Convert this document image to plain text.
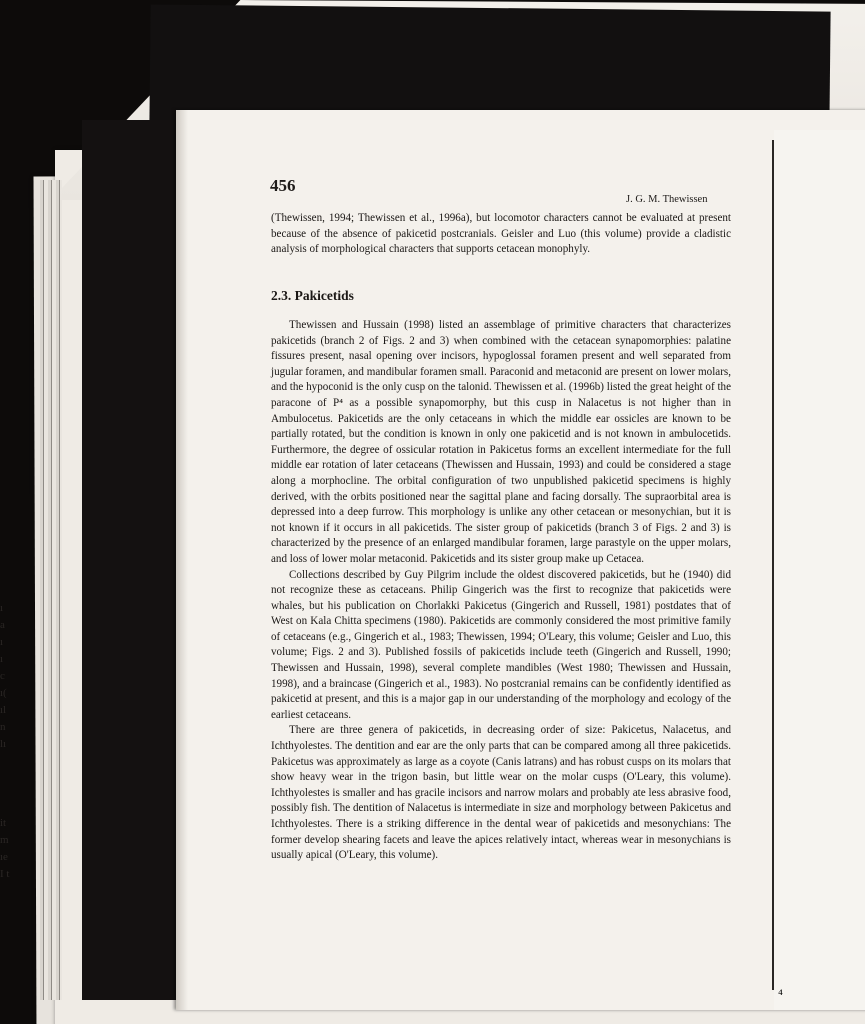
ı
a
ı
ı
c
ı(
ıl
n
lı
it
m
ıe
I t
456
J. G. M. Thewissen

(Thewissen, 1994; Thewissen et al., 1996a), but locomotor characters cannot be evaluated at present because of the absence of pakicetid postcranials. Geisler and Luo (this volume) provide a cladistic analysis of morphological characters that supports cetacean monophyly.

2.3. Pakicetids

Thewissen and Hussain (1998) listed an assemblage of primitive characters that characterizes pakicetids (branch 2 of Figs. 2 and 3) when combined with the cetacean synapomorphies: palatine fissures present, nasal opening over incisors, hypoglossal foramen present and well separated from jugular foramen, and mandibular foramen small. Paraconid and metaconid are present on lower molars, and the hypoconid is the only cusp on the talonid. Thewissen et al. (1996b) listed the great height of the paracone of P⁴ as a possible synapomorphy, but this cusp in Nalacetus is not higher than in Ambulocetus. Pakicetids are the only cetaceans in which the middle ear ossicles are known to be partially rotated, but the condition is known in only one pakicetid and is not known in ambulocetids. Furthermore, the degree of ossicular rotation in Pakicetus forms an excellent intermediate for the full middle ear rotation of later cetaceans (Thewissen and Hussain, 1993) and could be considered a stage along a morphocline. The orbital configuration of two unpublished pakicetid specimens is highly derived, with the orbits positioned near the sagittal plane and facing dorsally. The supraorbital area is depressed into a deep furrow. This morphology is unlike any other cetacean or mesonychian, but it is not known if it occurs in all pakicetids. The sister group of pakicetids (branch 3 of Figs. 2 and 3) is characterized by the presence of an enlarged mandibular foramen, large parastyle on the upper molars, and loss of lower molar metaconid. Pakicetids and its sister group make up Cetacea.

Collections described by Guy Pilgrim include the oldest discovered pakicetids, but he (1940) did not recognize these as cetaceans. Philip Gingerich was the first to recognize that pakicetids were whales, but his publication on Chorlakki Pakicetus (Gingerich and Russell, 1981) postdates that of West on Kala Chitta specimens (1980). Pakicetids are commonly considered the most primitive family of cetaceans (e.g., Gingerich et al., 1983; Thewissen, 1994; O'Leary, this volume; Geisler and Luo, this volume; Figs. 2 and 3). Published fossils of pakicetids include teeth (Gingerich and Russell, 1990; Thewissen and Hussain, 1998), several complete mandibles (West 1980; Thewissen and Hussain, 1998), and a braincase (Gingerich et al., 1983). No postcranial remains can be confidently identified as pakicetid at present, and this is a major gap in our understanding of the morphology and ecology of the earliest cetaceans.

There are three genera of pakicetids, in decreasing order of size: Pakicetus, Nalacetus, and Ichthyolestes. The dentition and ear are the only parts that can be compared among all three pakicetids. Pakicetus was approximately as large as a coyote (Canis latrans) and has robust cusps on its molars that show heavy wear in the trigon basin, but little wear on the molar cusps (O'Leary, this volume). Ichthyolestes is smaller and has gracile incisors and narrow molars and probably ate less abrasive food, possibly fish. The dentition of Nalacetus is intermediate in size and morphology between Pakicetus and Ichthyolestes. There is a striking difference in the dental wear of pakicetids and mesonychians: The former develop shearing facets and leave the apices relatively intact, whereas wear in mesonychians is usually apical (O'Leary, this volume).

⁴
